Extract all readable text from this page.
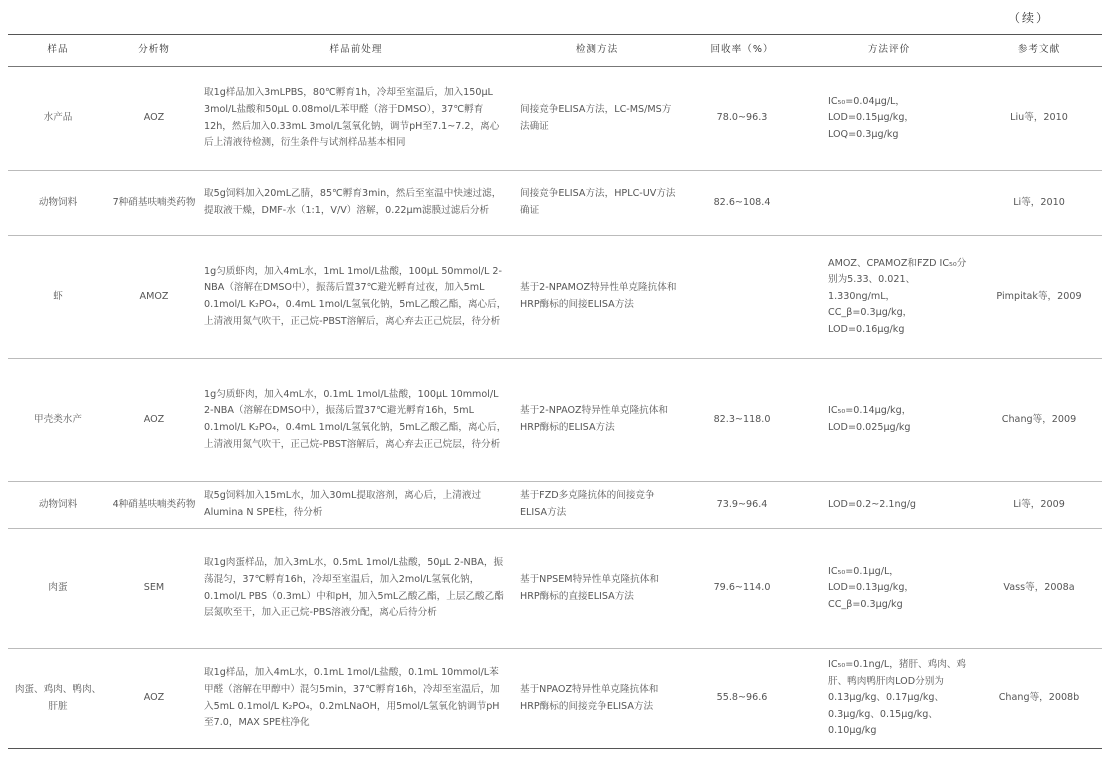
（续）
样品	分析物	样品前处理	检测方法	回收率（%）	方法评价	参考文献
水产品	AOZ	取1g样品加入3mLPBS，80℃孵育1h，冷却至室温后，加入150μL 3mol/L盐酸和50μL 0.08mol/L苯甲醛（溶于DMSO），37℃孵育12h，然后加入0.33mL 3mol/L氢氧化钠，调节pH至7.1~7.2，离心后上清液待检测，衍生条件与试剂样品基本相同	间接竞争ELISA方法，LC-MS/MS方法确证	78.0~96.3	IC₅₀=0.04μg/L，LOD=0.15μg/kg，LOQ=0.3μg/kg	Liu等，2010
动物饲料	7种硝基呋喃类药物	取5g饲料加入20mL乙腈，85℃孵育3min，然后至室温中快速过滤，提取液干燥，DMF-水（1:1，V/V）溶解，0.22μm滤膜过滤后分析	间接竞争ELISA方法，HPLC-UV方法确证	82.6~108.4		Li等，2010
虾	AMOZ	1g匀质虾肉，加入4mL水，1mL 1mol/L盐酸，100μL 50mmol/L 2-NBA（溶解在DMSO中），振荡后置37℃避光孵育过夜，加入5mL 0.1mol/L K₂PO₄，0.4mL 1mol/L氢氧化钠，5mL乙酸乙酯，离心后，上清液用氮气吹干，正己烷-PBST溶解后，离心弃去正己烷层，待分析	基于2-NPAMOZ特异性单克隆抗体和HRP酶标的间接ELISA方法		AMOZ、CPAMOZ和FZD IC₅₀分别为5.33、0.021、1.330ng/mL，CC_β=0.3μg/kg，LOD=0.16μg/kg	Pimpitak等，2009
甲壳类水产	AOZ	1g匀质虾肉，加入4mL水，0.1mL 1mol/L盐酸，100μL 10mmol/L 2-NBA（溶解在DMSO中），振荡后置37℃避光孵育16h，5mL 0.1mol/L K₂PO₄，0.4mL 1mol/L氢氧化钠，5mL乙酸乙酯，离心后，上清液用氮气吹干，正己烷-PBST溶解后，离心弃去正己烷层，待分析	基于2-NPAOZ特异性单克隆抗体和HRP酶标的ELISA方法	82.3~118.0	IC₅₀=0.14μg/kg，LOD=0.025μg/kg	Chang等，2009
动物饲料	4种硝基呋喃类药物	取5g饲料加入15mL水，加入30mL提取溶剂，离心后，上清液过Alumina N SPE柱，待分析	基于FZD多克隆抗体的间接竞争ELISA方法	73.9~96.4	LOD=0.2~2.1ng/g	Li等，2009
肉蛋	SEM	取1g肉蛋样品，加入3mL水，0.5mL 1mol/L盐酸，50μL 2-NBA，振荡混匀，37℃孵育16h，冷却至室温后，加入2mol/L氢氧化钠，0.1mol/L PBS（0.3mL）中和pH，加入5mL乙酸乙酯，上层乙酸乙酯层氮吹至干，加入正己烷-PBS溶液分配，离心后待分析	基于NPSEM特异性单克隆抗体和HRP酶标的直接ELISA方法	79.6~114.0	IC₅₀=0.1μg/L，LOD=0.13μg/kg，CC_β=0.3μg/kg	Vass等，2008a
肉蛋、鸡肉、鸭肉、肝脏	AOZ	取1g样品，加入4mL水，0.1mL 1mol/L盐酸，0.1mL 10mmol/L苯甲醛（溶解在甲醇中）混匀5min，37℃孵育16h，冷却至室温后，加入5mL 0.1mol/L K₂PO₄，0.2mLNaOH，用5mol/L氢氧化钠调节pH至7.0，MAX SPE柱净化	基于NPAOZ特异性单克隆抗体和HRP酶标的间接竞争ELISA方法	55.8~96.6	IC₅₀=0.1ng/L，猪肝、鸡肉、鸡肝、鸭肉鸭肝肉LOD分别为0.13μg/kg、0.17μg/kg、0.3μg/kg、0.15μg/kg、0.10μg/kg	Chang等，2008b
